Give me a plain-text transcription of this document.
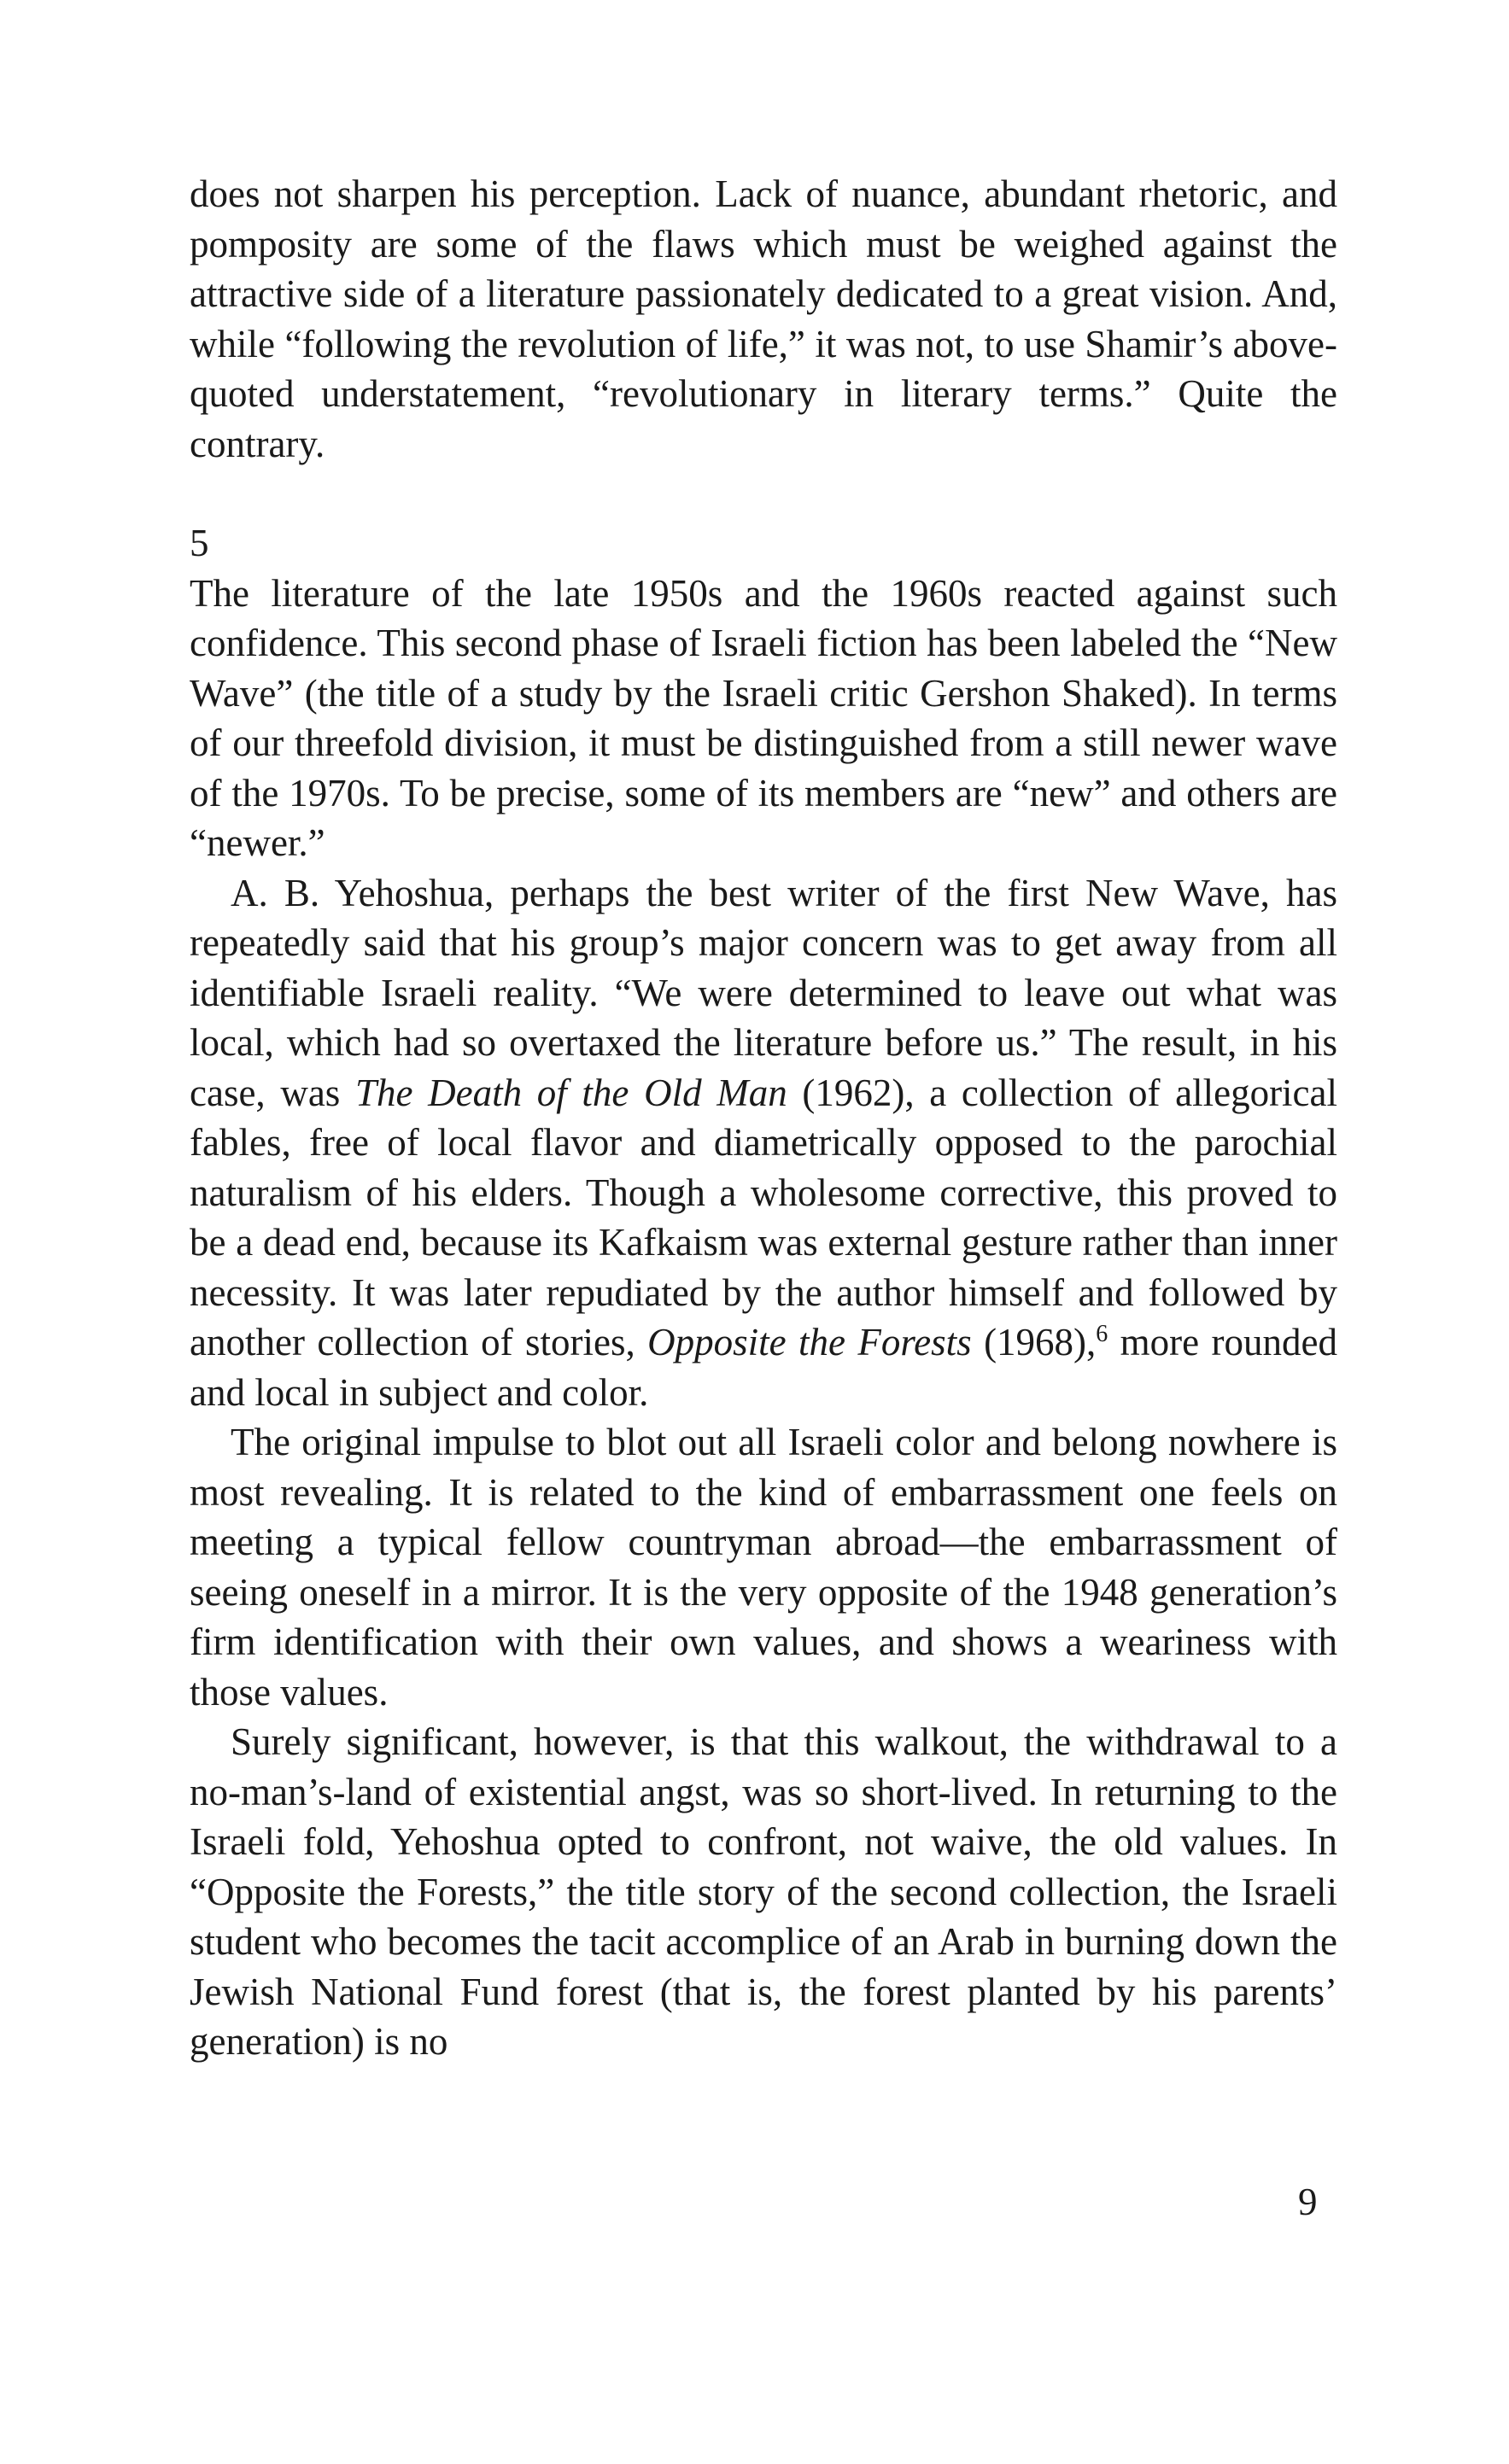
does not sharpen his perception. Lack of nuance, abundant rhetoric, and pomposity are some of the flaws which must be weighed against the attractive side of a literature passionately dedicated to a great vision. And, while “following the revolution of life,” it was not, to use Shamir’s above-quoted understatement, “revolutionary in literary terms.” Quite the contrary.

5

The literature of the late 1950s and the 1960s reacted against such confidence. This second phase of Israeli fiction has been labeled the “New Wave” (the title of a study by the Israeli critic Gershon Shaked). In terms of our threefold division, it must be distinguished from a still newer wave of the 1970s. To be precise, some of its members are “new” and others are “newer.”

A. B. Yehoshua, perhaps the best writer of the first New Wave, has repeatedly said that his group’s major concern was to get away from all identifiable Israeli reality. “We were determined to leave out what was local, which had so overtaxed the literature before us.” The result, in his case, was The Death of the Old Man (1962), a collection of allegorical fables, free of local flavor and diametrically opposed to the parochial naturalism of his elders. Though a wholesome corrective, this proved to be a dead end, because its Kafkaism was external gesture rather than inner necessity. It was later repudiated by the author himself and followed by another collection of stories, Opposite the Forests (1968),$^6$ more rounded and local in subject and color.

The original impulse to blot out all Israeli color and belong nowhere is most revealing. It is related to the kind of embarrassment one feels on meeting a typical fellow countryman abroad—the embarrassment of seeing oneself in a mirror. It is the very opposite of the 1948 generation’s firm identification with their own values, and shows a weariness with those values.

Surely significant, however, is that this walkout, the withdrawal to a no-man’s-land of existential angst, was so short-lived. In returning to the Israeli fold, Yehoshua opted to confront, not waive, the old values. In “Opposite the Forests,” the title story of the second collection, the Israeli student who becomes the tacit accomplice of an Arab in burning down the Jewish National Fund forest (that is, the forest planted by his parents’ generation) is no

9
